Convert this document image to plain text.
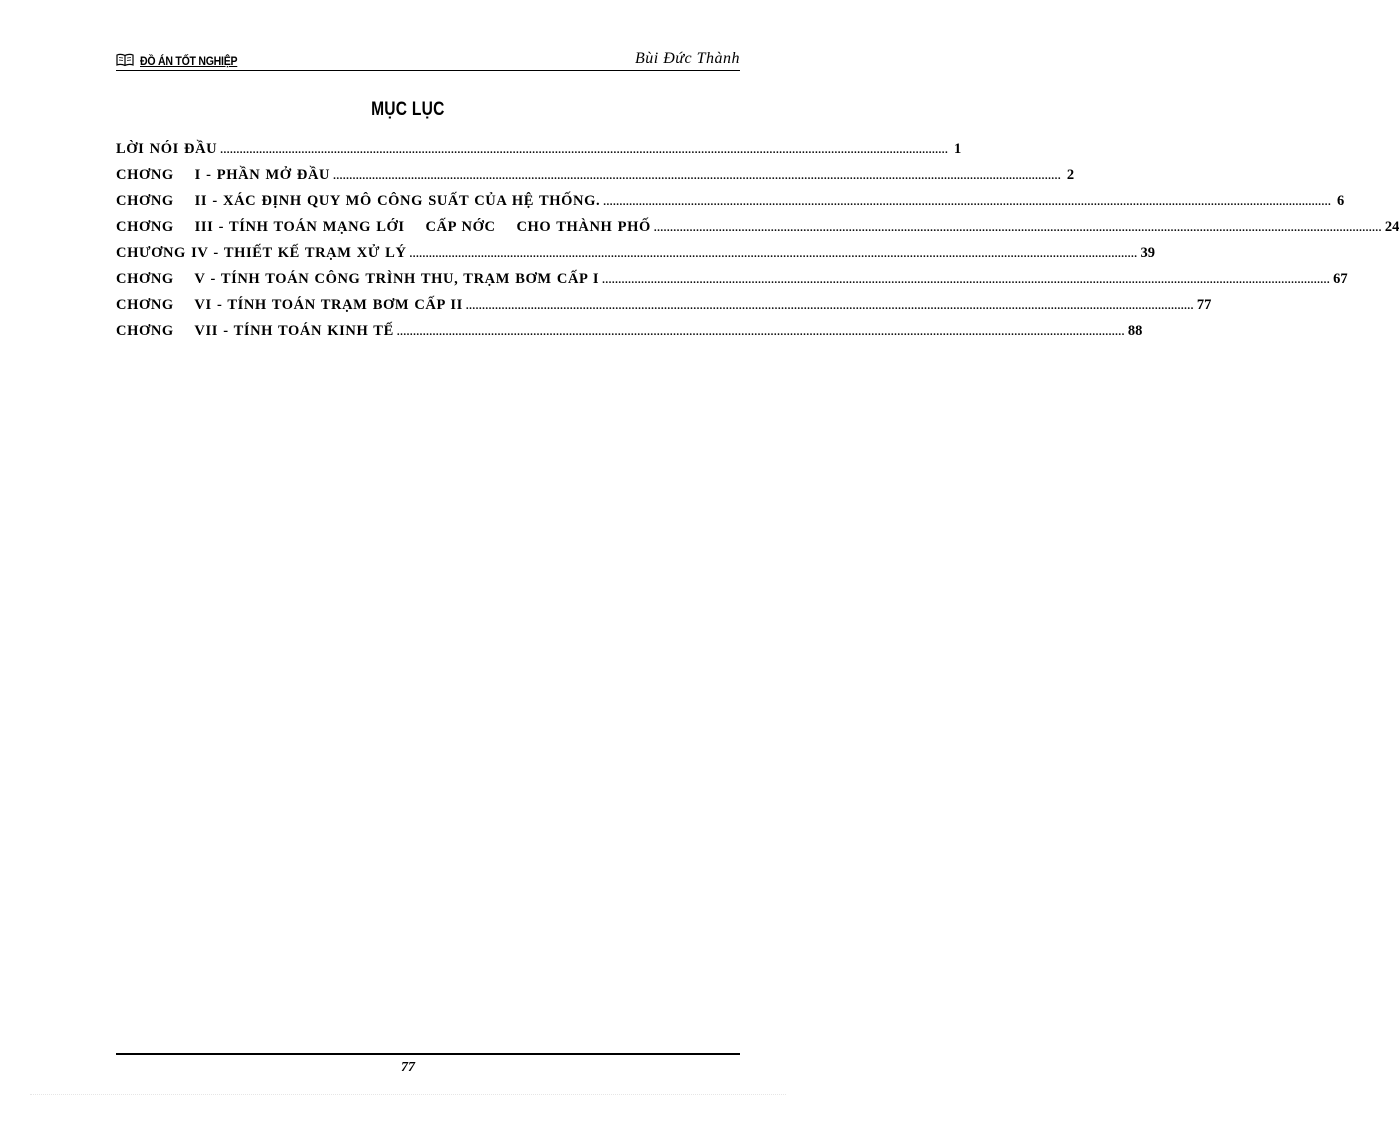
ĐỒ ÁN TỐT NGHIỆP	Bùi Đức Thành
MỤC LỤC
LỜI NÓI ĐẦU ................................................................................................................................................................................................................................ 1
CHƠNG    I - PHẦN MỞ ĐẦU ................................................................................................................................................................................................................................ 2
CHƠNG    II - XÁC ĐỊNH QUY MÔ CÔNG SUẤT CỦA HỆ THỐNG. ................................................................................................................................................................................................................................ 6
CHƠNG    III - TÍNH TOÁN MẠNG LỚI    CẤP NỚC    CHO THÀNH PHỐ ................................................................................................................................................................................................................................ 24
CHƯƠNG IV - THIẾT KẾ TRẠM XỬ LÝ ................................................................................................................................................................................................................................ 39
CHƠNG    V - TÍNH TOÁN CÔNG TRÌNH THU, TRẠM BƠM CẤP I ................................................................................................................................................................................................................................ 67
CHƠNG    VI - TÍNH TOÁN TRẠM BƠM CẤP II ................................................................................................................................................................................................................................ 77
CHƠNG    VII - TÍNH TOÁN KINH TẾ ................................................................................................................................................................................................................................ 88
77
